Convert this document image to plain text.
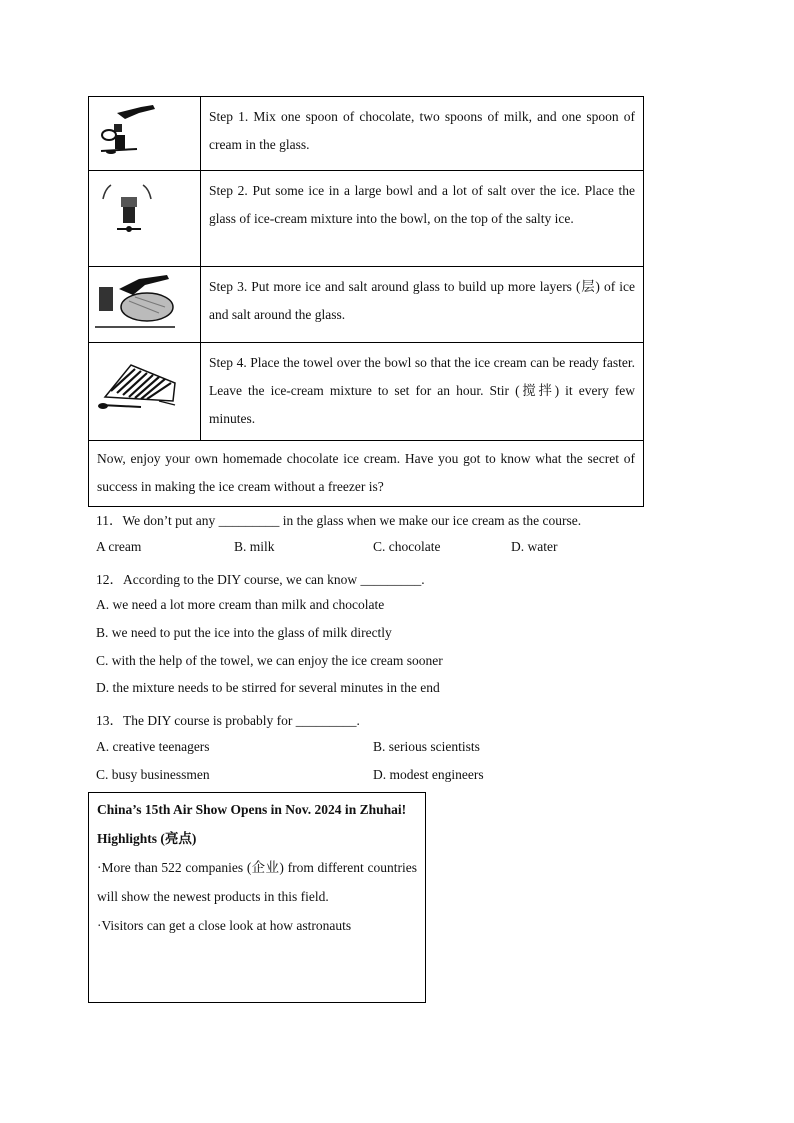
	Step 1. Mix one spoon of chocolate, two spoons of milk, and one spoon of cream in the glass.

	Step 2. Put some ice in a large bowl and a lot of salt over the ice. Place the glass of ice-cream mixture into the bowl, on the top of the salty ice.

	Step 3. Put more ice and salt around glass to build up more layers (层) of ice and salt around the glass.

	Step 4. Place the towel over the bowl so that the ice cream can be ready faster. Leave the ice-cream mixture to set for an hour. Stir (搅拌) it every few minutes.
Now, enjoy your own homemade chocolate ice cream. Have you got to know what the secret of success in making the ice cream without a freezer is?	
11．We don’t put any _________ in the glass when we make our ice cream as the course.
A cream	B. milk	C. chocolate	D. water
12．According to the DIY course, we can know _________.
A. we need a lot more cream than milk and chocolate
B. we need to put the ice into the glass of milk directly
C. with the help of the towel, we can enjoy the ice cream sooner
D. the mixture needs to be stirred for several minutes in the end
13．The DIY course is probably for _________.
A. creative teenagers	B. serious scientists
C. busy businessmen	D. modest engineers

China’s 15th Air Show Opens in Nov. 2024 in Zhuhai!

Highlights (亮点)

·More than 522 companies (企业) from different countries will show the newest products in this field.

·Visitors can get a close look at how astronauts
